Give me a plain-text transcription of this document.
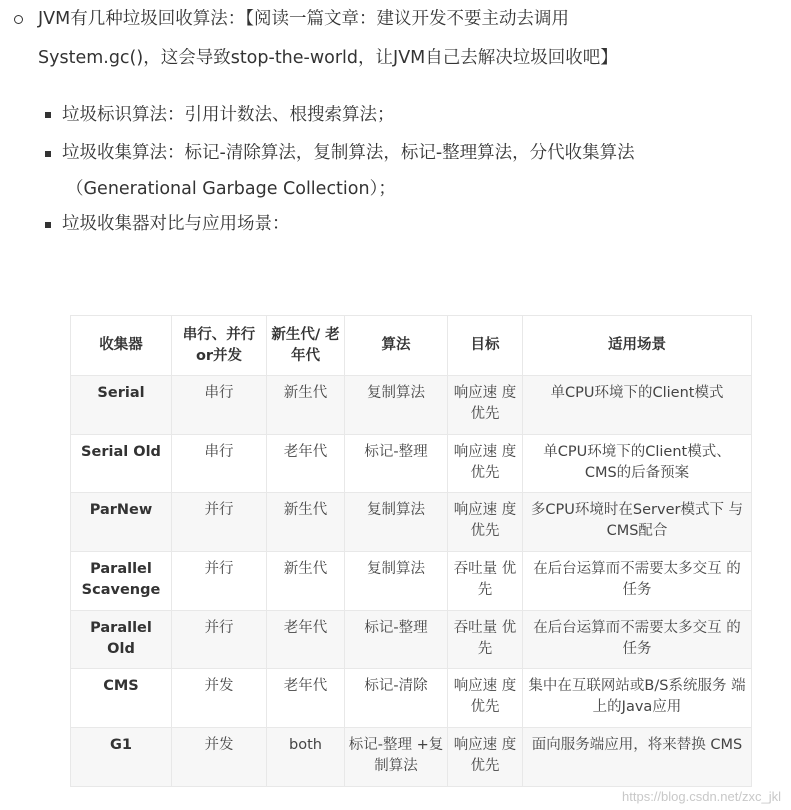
JVM有几种垃圾回收算法：【阅读一篇文章：建议开发不要主动去调用
System.gc()，这会导致stop-the-world，让JVM自己去解决垃圾回收吧】
垃圾标识算法：引用计数法、根搜索算法；
垃圾收集算法：标记-清除算法，复制算法，标记-整理算法，分代收集算法
（Generational Garbage Collection）；
垃圾收集器对比与应用场景：
收集器	串行、并行 or并发	新生代/ 老年代	算法	目标	适用场景
Serial	串行	新生代	复制算法	响应速 度优先	单CPU环境下的Client模式
Serial Old	串行	老年代	标记-整理	响应速 度优先	单CPU环境下的Client模式、 CMS的后备预案
ParNew	并行	新生代	复制算法	响应速 度优先	多CPU环境时在Server模式下 与CMS配合
Parallel Scavenge	并行	新生代	复制算法	吞吐量 优先	在后台运算而不需要太多交互 的任务
Parallel Old	并行	老年代	标记-整理	吞吐量 优先	在后台运算而不需要太多交互 的任务
CMS	并发	老年代	标记-清除	响应速 度优先	集中在互联网站或B/S系统服务 端上的Java应用
G1	并发	both	标记-整理 +复制算法	响应速 度优先	面向服务端应用，将来替换 CMS
https://blog.csdn.net/zxc_jkl
